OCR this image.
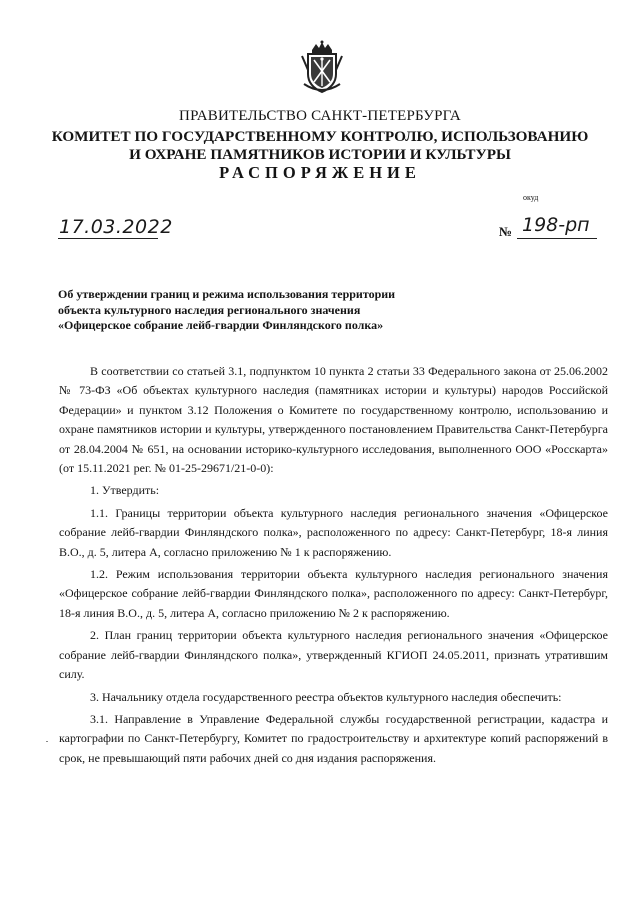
ПРАВИТЕЛЬСТВО САНКТ-ПЕТЕРБУРГА
КОМИТЕТ ПО ГОСУДАРСТВЕННОМУ КОНТРОЛЮ, ИСПОЛЬЗОВАНИЮ
И ОХРАНЕ ПАМЯТНИКОВ ИСТОРИИ И КУЛЬТУРЫ
РАСПОРЯЖЕНИЕ
окуд
17.03.2022	№ 198-рп
Об утверждении границ и режима использования территории
объекта культурного наследия регионального значения
«Офицерское собрание лейб-гвардии Финляндского полка»

В соответствии со статьей 3.1, подпунктом 10 пункта 2 статьи 33 Федерального закона от 25.06.2002 № 73-ФЗ «Об объектах культурного наследия (памятниках истории и культуры) народов Российской Федерации» и пунктом 3.12 Положения о Комитете по государственному контролю, использованию и охране памятников истории и культуры, утвержденного постановлением Правительства Санкт-Петербурга от 28.04.2004 № 651, на основании историко-культурного исследования, выполненного ООО «Росскарта» (от 15.11.2021 рег. № 01-25-29671/21-0-0):

1. Утвердить:

1.1. Границы территории объекта культурного наследия регионального значения «Офицерское собрание лейб-гвардии Финляндского полка», расположенного по адресу: Санкт-Петербург, 18-я линия В.О., д. 5, литера А, согласно приложению № 1 к распоряжению.

1.2. Режим использования территории объекта культурного наследия регионального значения «Офицерское собрание лейб-гвардии Финляндского полка», расположенного по адресу: Санкт-Петербург, 18-я линия В.О., д. 5, литера А, согласно приложению № 2 к распоряжению.

2. План границ территории объекта культурного наследия регионального значения «Офицерское собрание лейб-гвардии Финляндского полка», утвержденный КГИОП 24.05.2011, признать утратившим силу.

3. Начальнику отдела государственного реестра объектов культурного наследия обеспечить:

3.1. Направление в Управление Федеральной службы государственной регистрации, кадастра и картографии по Санкт-Петербургу, Комитет по градостроительству и архитектуре копий распоряжений в срок, не превышающий пяти рабочих дней со дня издания распоряжения.
